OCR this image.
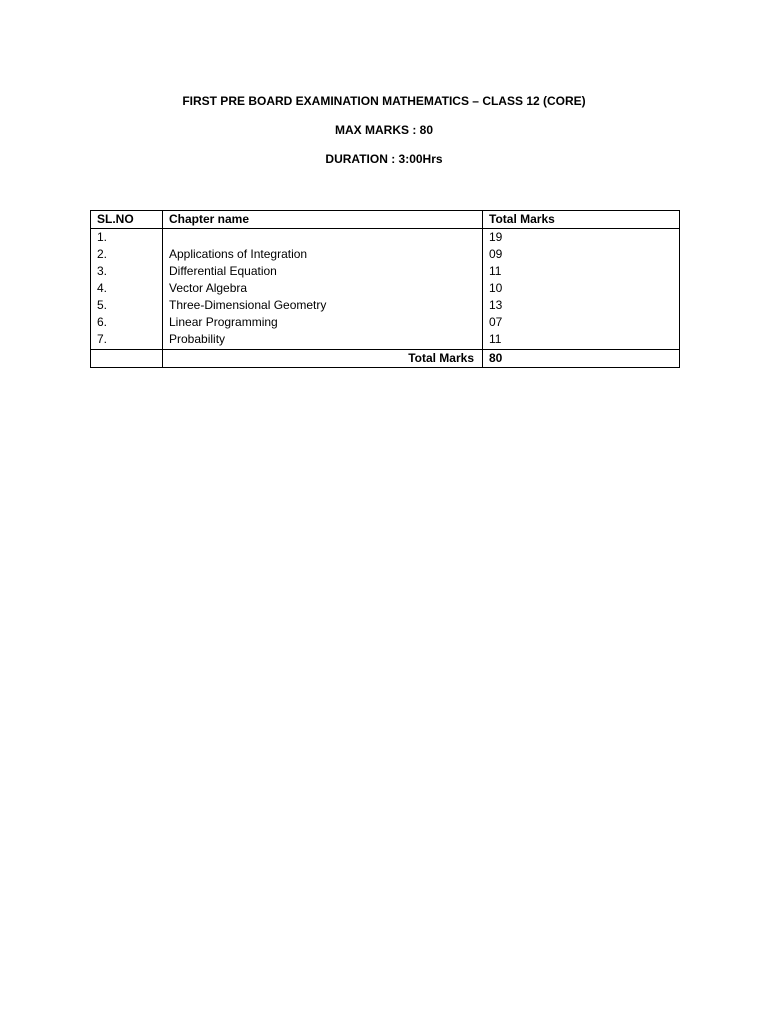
FIRST PRE BOARD EXAMINATION MATHEMATICS – CLASS 12 (CORE)
MAX MARKS : 80
DURATION : 3:00Hrs
SL.NO	Chapter name	Total Marks
1.		19
2.	Applications of Integration	09
3.	Differential Equation	11
4.	Vector Algebra	10
5.	Three-Dimensional Geometry	13
6.	Linear Programming	07
7.	Probability	11
	Total Marks	80
